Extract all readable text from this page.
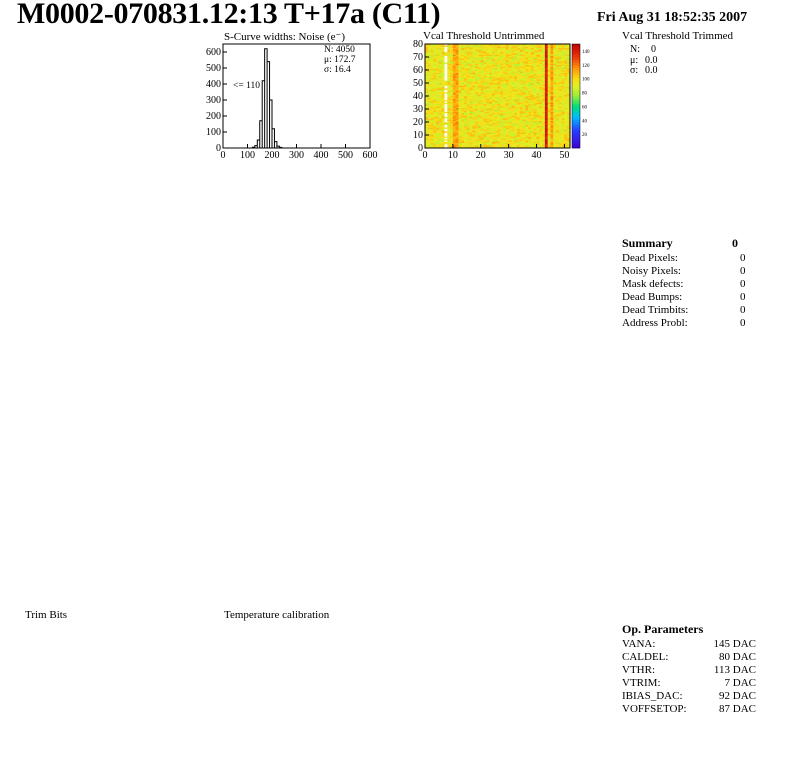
M0002-070831.12:13 T+17a (C11)	Fri Aug 31 18:52:35 2007
S-Curve widths: Noise (e⁻)
0 100 200 300 400 500 600
0
100
200
300
400
500
600	N: 4050
μ: 172.7
σ: 16.4
<= 110
Vcal Threshold Untrimmed
0 10 20 30 40 50
0
10
20
30
40
50
60
70
80
20
40
60
80
100
120
140
Vcal Threshold Trimmed
N: 0
μ: 0.0
σ: 0.0
Summary	0
Dead Pixels:	0
Noisy Pixels:	0
Mask defects:	0
Dead Bumps:	0
Dead Trimbits:	0
Address Probl:	0
Trim Bits	Temperature calibration
Op. Parameters
VANA:	145 DAC
CALDEL:	80 DAC
VTHR:	113 DAC
VTRIM:	7 DAC
IBIAS_DAC:	92 DAC
VOFFSETOP:	87 DAC
